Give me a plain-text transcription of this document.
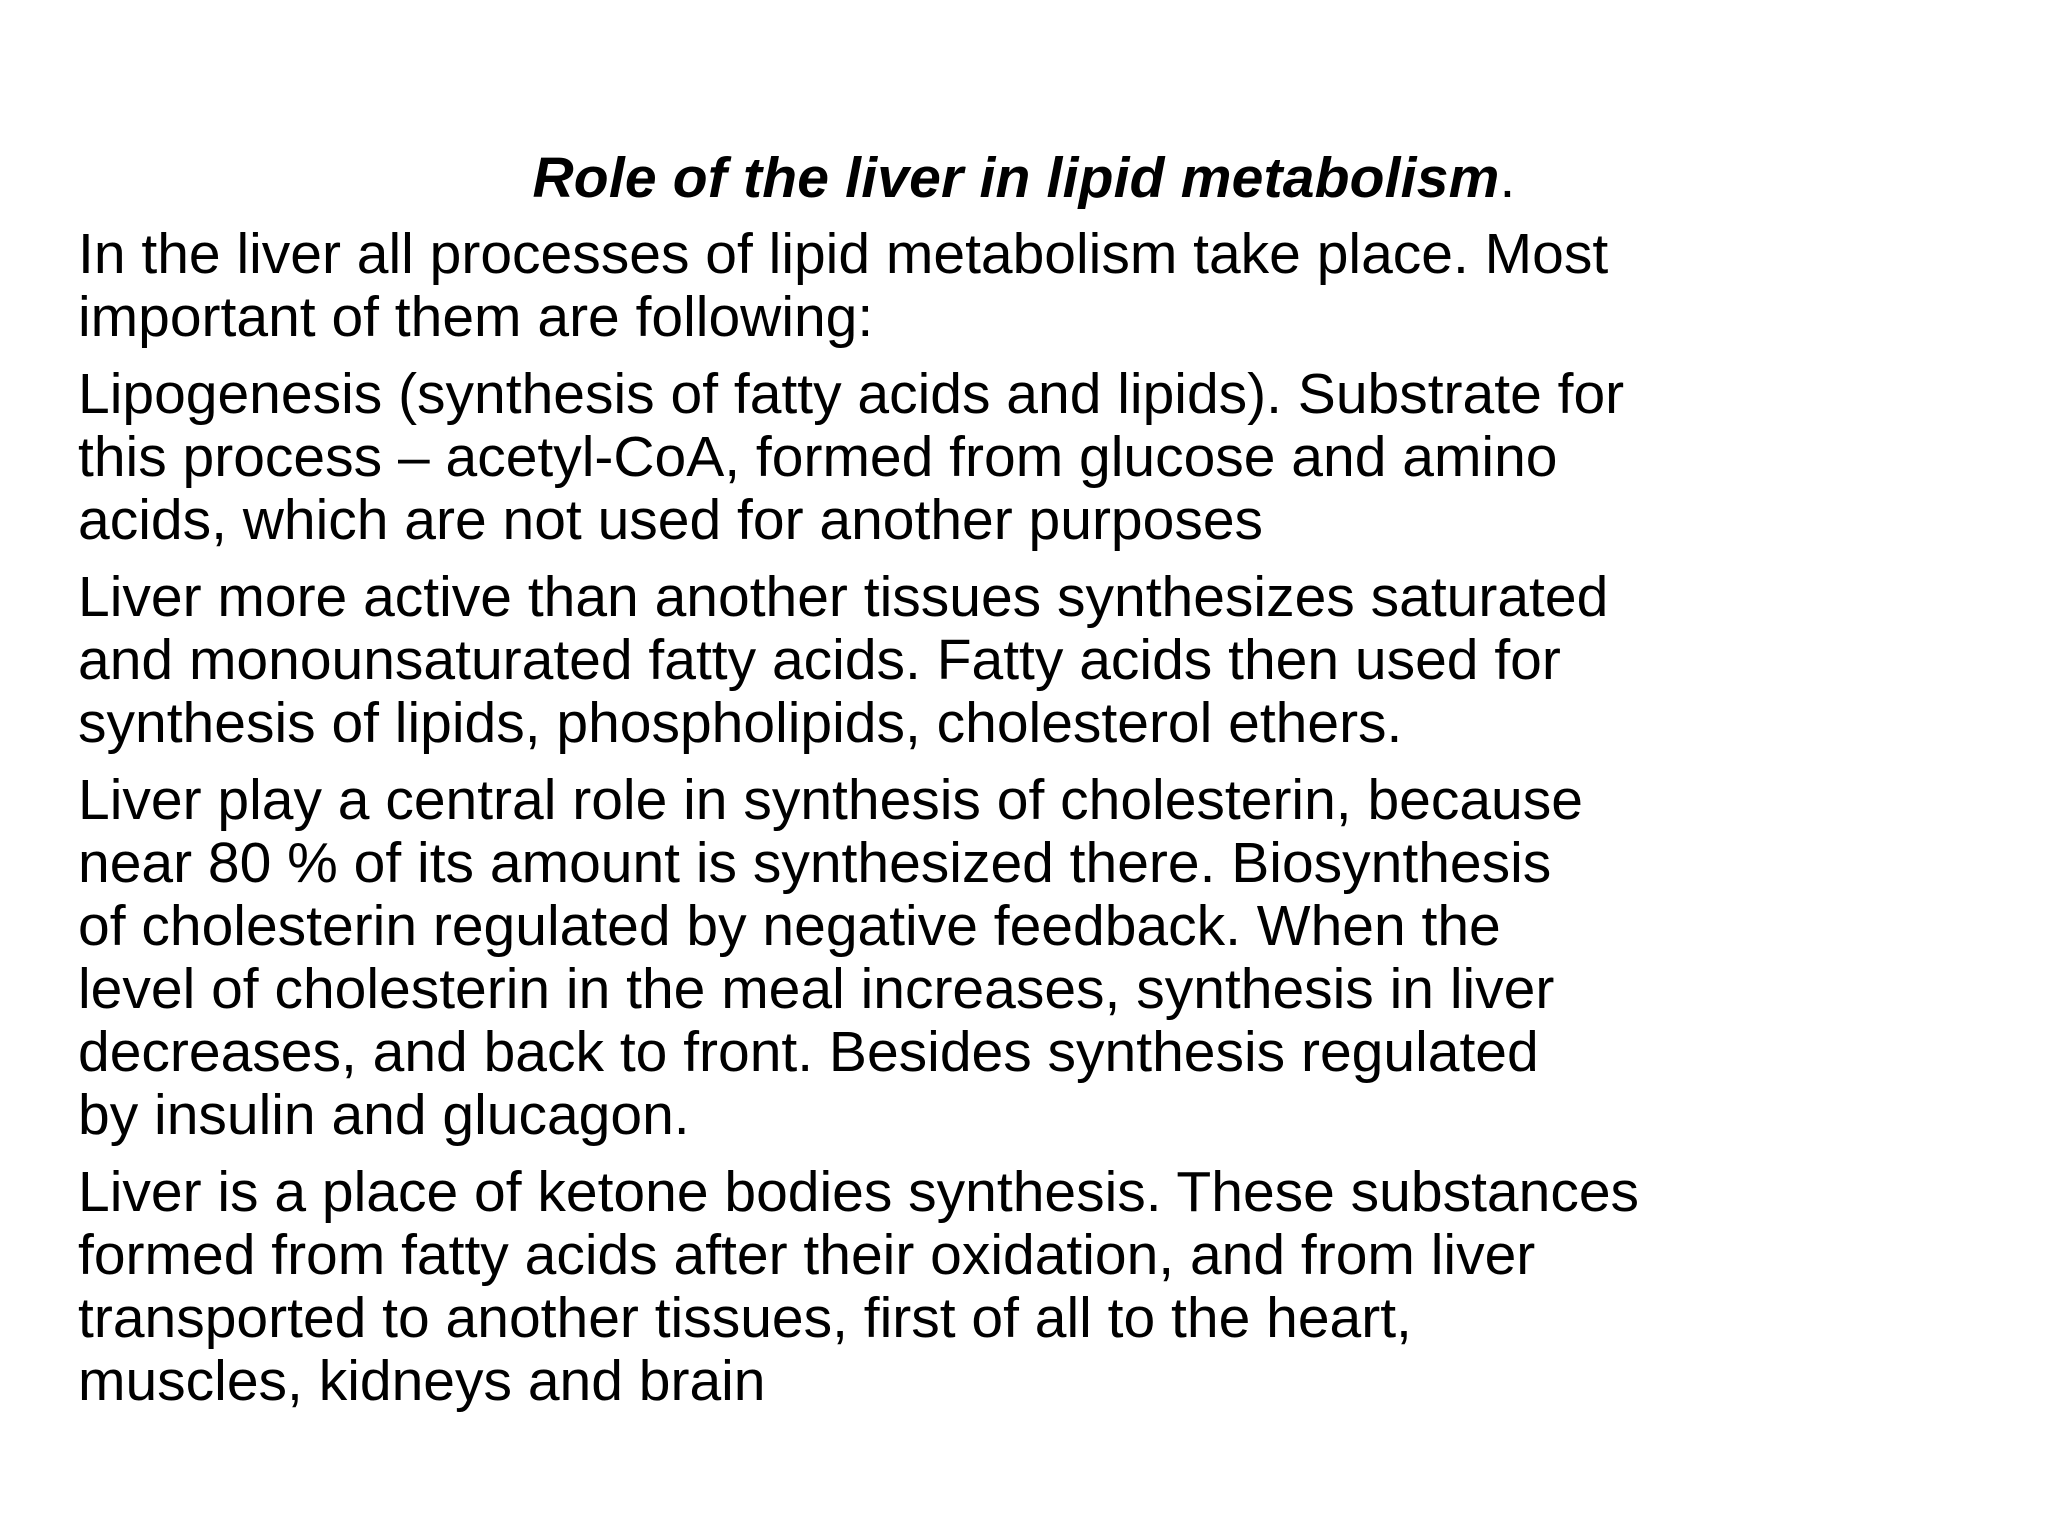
Role of the liver in lipid metabolism.

In the liver all processes of lipid metabolism take place. Most
important of them are following:

Lipogenesis (synthesis of fatty acids and lipids). Substrate for
this process – acetyl-CoA, formed from glucose and amino
acids, which are not used for another purposes

Liver more active than another tissues synthesizes saturated
and monounsaturated fatty acids. Fatty acids then used for
synthesis of lipids, phospholipids, cholesterol ethers.

Liver play a central role in synthesis of cholesterin, because
near 80 % of its amount is synthesized there. Biosynthesis
of cholesterin regulated by negative feedback. When the
level of cholesterin in the meal increases, synthesis in liver
decreases, and back to front. Besides synthesis regulated
by insulin and glucagon.

Liver is a place of ketone bodies synthesis. These substances
formed from fatty acids after their oxidation, and from liver
transported to another tissues, first of all to the heart,
muscles, kidneys and brain
